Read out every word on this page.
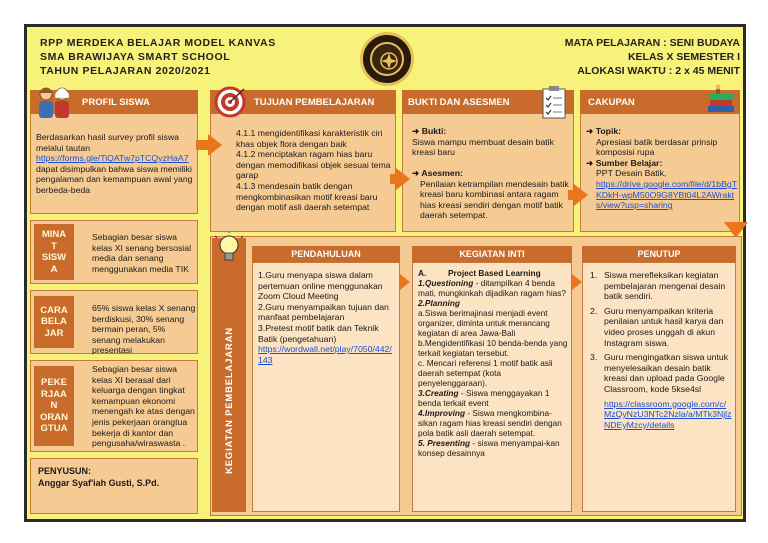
RPP MERDEKA BELAJAR MODEL KANVAS
SMA BRAWIJAYA SMART SCHOOL
TAHUN PELAJARAN 2020/2021
MATA PELAJARAN : SENI BUDAYA
KELAS X SEMESTER I
ALOKASI WAKTU : 2 x 45 MENIT
PROFIL SISWA
Berdasarkan hasil survey profil siswa melalui tautan
https://forms.gle/TiQATw7pTCQyzHaA7
dapat disimpulkan bahwa siswa memiliki pengalaman dan kemampuan awal yang berbeda-beda
MINA
T
SISW
A
Sebagian besar siswa kelas XI senang bersosial media dan senang menggunakan media TIK
CARA
BELA
JAR
65% siswa kelas X senang berdiskusi, 30% senang bermain peran, 5% senang melakukan presentasi
PEKE
RJAA
N
ORAN
GTUA
Sebagian besar siswa kelas XI berasal dari keluarga dengan tingkat kemampuan ekonomi menengah ke atas dengan jenis pekerjaan orangtua bekerja di kantor dan pengusaha/wiraswasta .
PENYUSUN:
Anggar Syaf'iah Gusti, S.Pd.
TUJUAN PEMBELAJARAN
4.1.1 mengidentifikasi karakteristik ciri khas objek flora dengan baik
4.1.2 menciptakan ragam hias baru dengan memodifikasi objek sesuai tema garap
4.1.3 mendesain batik dengan mengkombinasikan motif kreasi baru dengan motif asli daerah setempat
BUKTI DAN ASESMEN
➜ Bukti:
Siswa mampu membuat desain batik kreasi baru
➜ Asesmen:
Penilaian ketrampilan mendesain batik kreasi baru kombinasi antara ragam hias kreasi sendiri dengan motif batik daerah setempat.
CAKUPAN
➜ Topik:
Apresiasi batik berdasar prinsip komposisi rupa
➜ Sumber Belajar:
PPT Desain Batik,
https://drive.google.com/file/d/1bBgTKDkH-wpM50O9G8YBt04L2AWrakts/view?usp=sharing
KEGIATAN PEMBELAJARAN
PENDAHULUAN
1.Guru menyapa siswa dalam pertemuan online menggunakan Zoom Cloud Meeting
2.Guru menyampaikan tujuan dan manfaat pembelajaran
3.Pretest motif batik dan Teknik Batik (pengetahuan)
https://wordwall.net/play/7050/442/143
KEGIATAN INTI
A.	Project Based Learning
1.Questioning - ditampilkan 4 benda mati, mungkinkah dijadikan ragam hias?
2.Planning
a.Siswa berimajinasi menjadi event organizer, diminta untuk merancang kegiatan di area Jawa-Bali
b.Mengidentifikasi 10 benda-benda yang terkait kegiatan tersebut.
c. Mencari referensi 1 motif batik asli daerah setempat (kota penyelenggaraan).
3.Creating - Siswa menggayakan 1 benda terkait event
4.Improving - Siswa mengkombina-sikan ragam hias kreasi sendiri dengan pola batik asli daerah setempat.
5. Presenting - siswa menyampai-kan konsep desainnya
PENUTUP
1. Siswa merefleksikan kegiatan pembelajaran mengenai desain batik sendiri.
2. Guru menyampaikan kriteria penilaian untuk hasil karya dan video proses unggah di akun Instagram siswa.
3. Guru mengingatkan siswa untuk menyelesaikan desain batik kreasi dan upload pada Google Classroom, kode 5kse4sl
https://classroom.google.com/c/MzQyNzU3NTc2Nzla/a/MTk3NjlzNDEyMzcy/details
